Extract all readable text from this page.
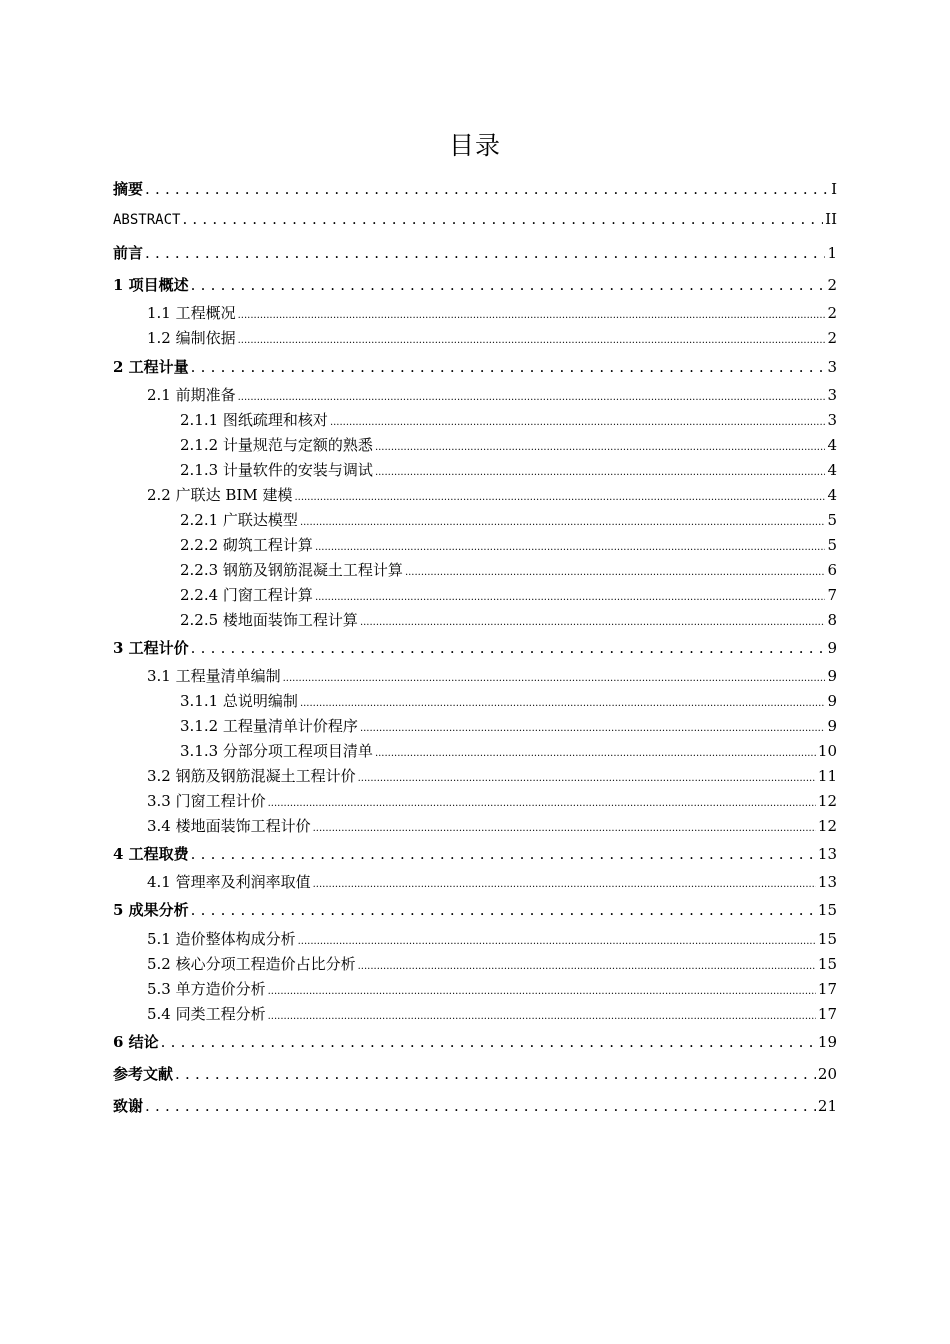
目录
摘要 .....	I
ABSTRACT .....	II
前言 .....	1
1 项目概述 .....	2
1.1 工程概况 .....	2
1.2 编制依据 .....	2
2 工程计量 .....	3
2.1 前期准备 .....	3
2.1.1 图纸疏理和核对 .....	3
2.1.2 计量规范与定额的熟悉 .....	4
2.1.3 计量软件的安装与调试 .....	4
2.2 广联达 BIM 建模 .....	4
2.2.1 广联达模型 .....	5
2.2.2 砌筑工程计算 .....	5
2.2.3 钢筋及钢筋混凝土工程计算 .....	6
2.2.4 门窗工程计算 .....	7
2.2.5 楼地面装饰工程计算 .....	8
3 工程计价 .....	9
3.1 工程量清单编制 .....	9
3.1.1 总说明编制 .....	9
3.1.2 工程量清单计价程序 .....	9
3.1.3 分部分项工程项目清单 .....	10
3.2 钢筋及钢筋混凝土工程计价 .....	11
3.3 门窗工程计价 .....	12
3.4 楼地面装饰工程计价 .....	12
4 工程取费 .....	13
4.1 管理率及利润率取值 .....	13
5 成果分析 .....	15
5.1 造价整体构成分析 .....	15
5.2 核心分项工程造价占比分析 .....	15
5.3 单方造价分析 .....	17
5.4 同类工程分析 .....	17
6 结论 .....	19
参考文献 .....	20
致谢 .....	21
